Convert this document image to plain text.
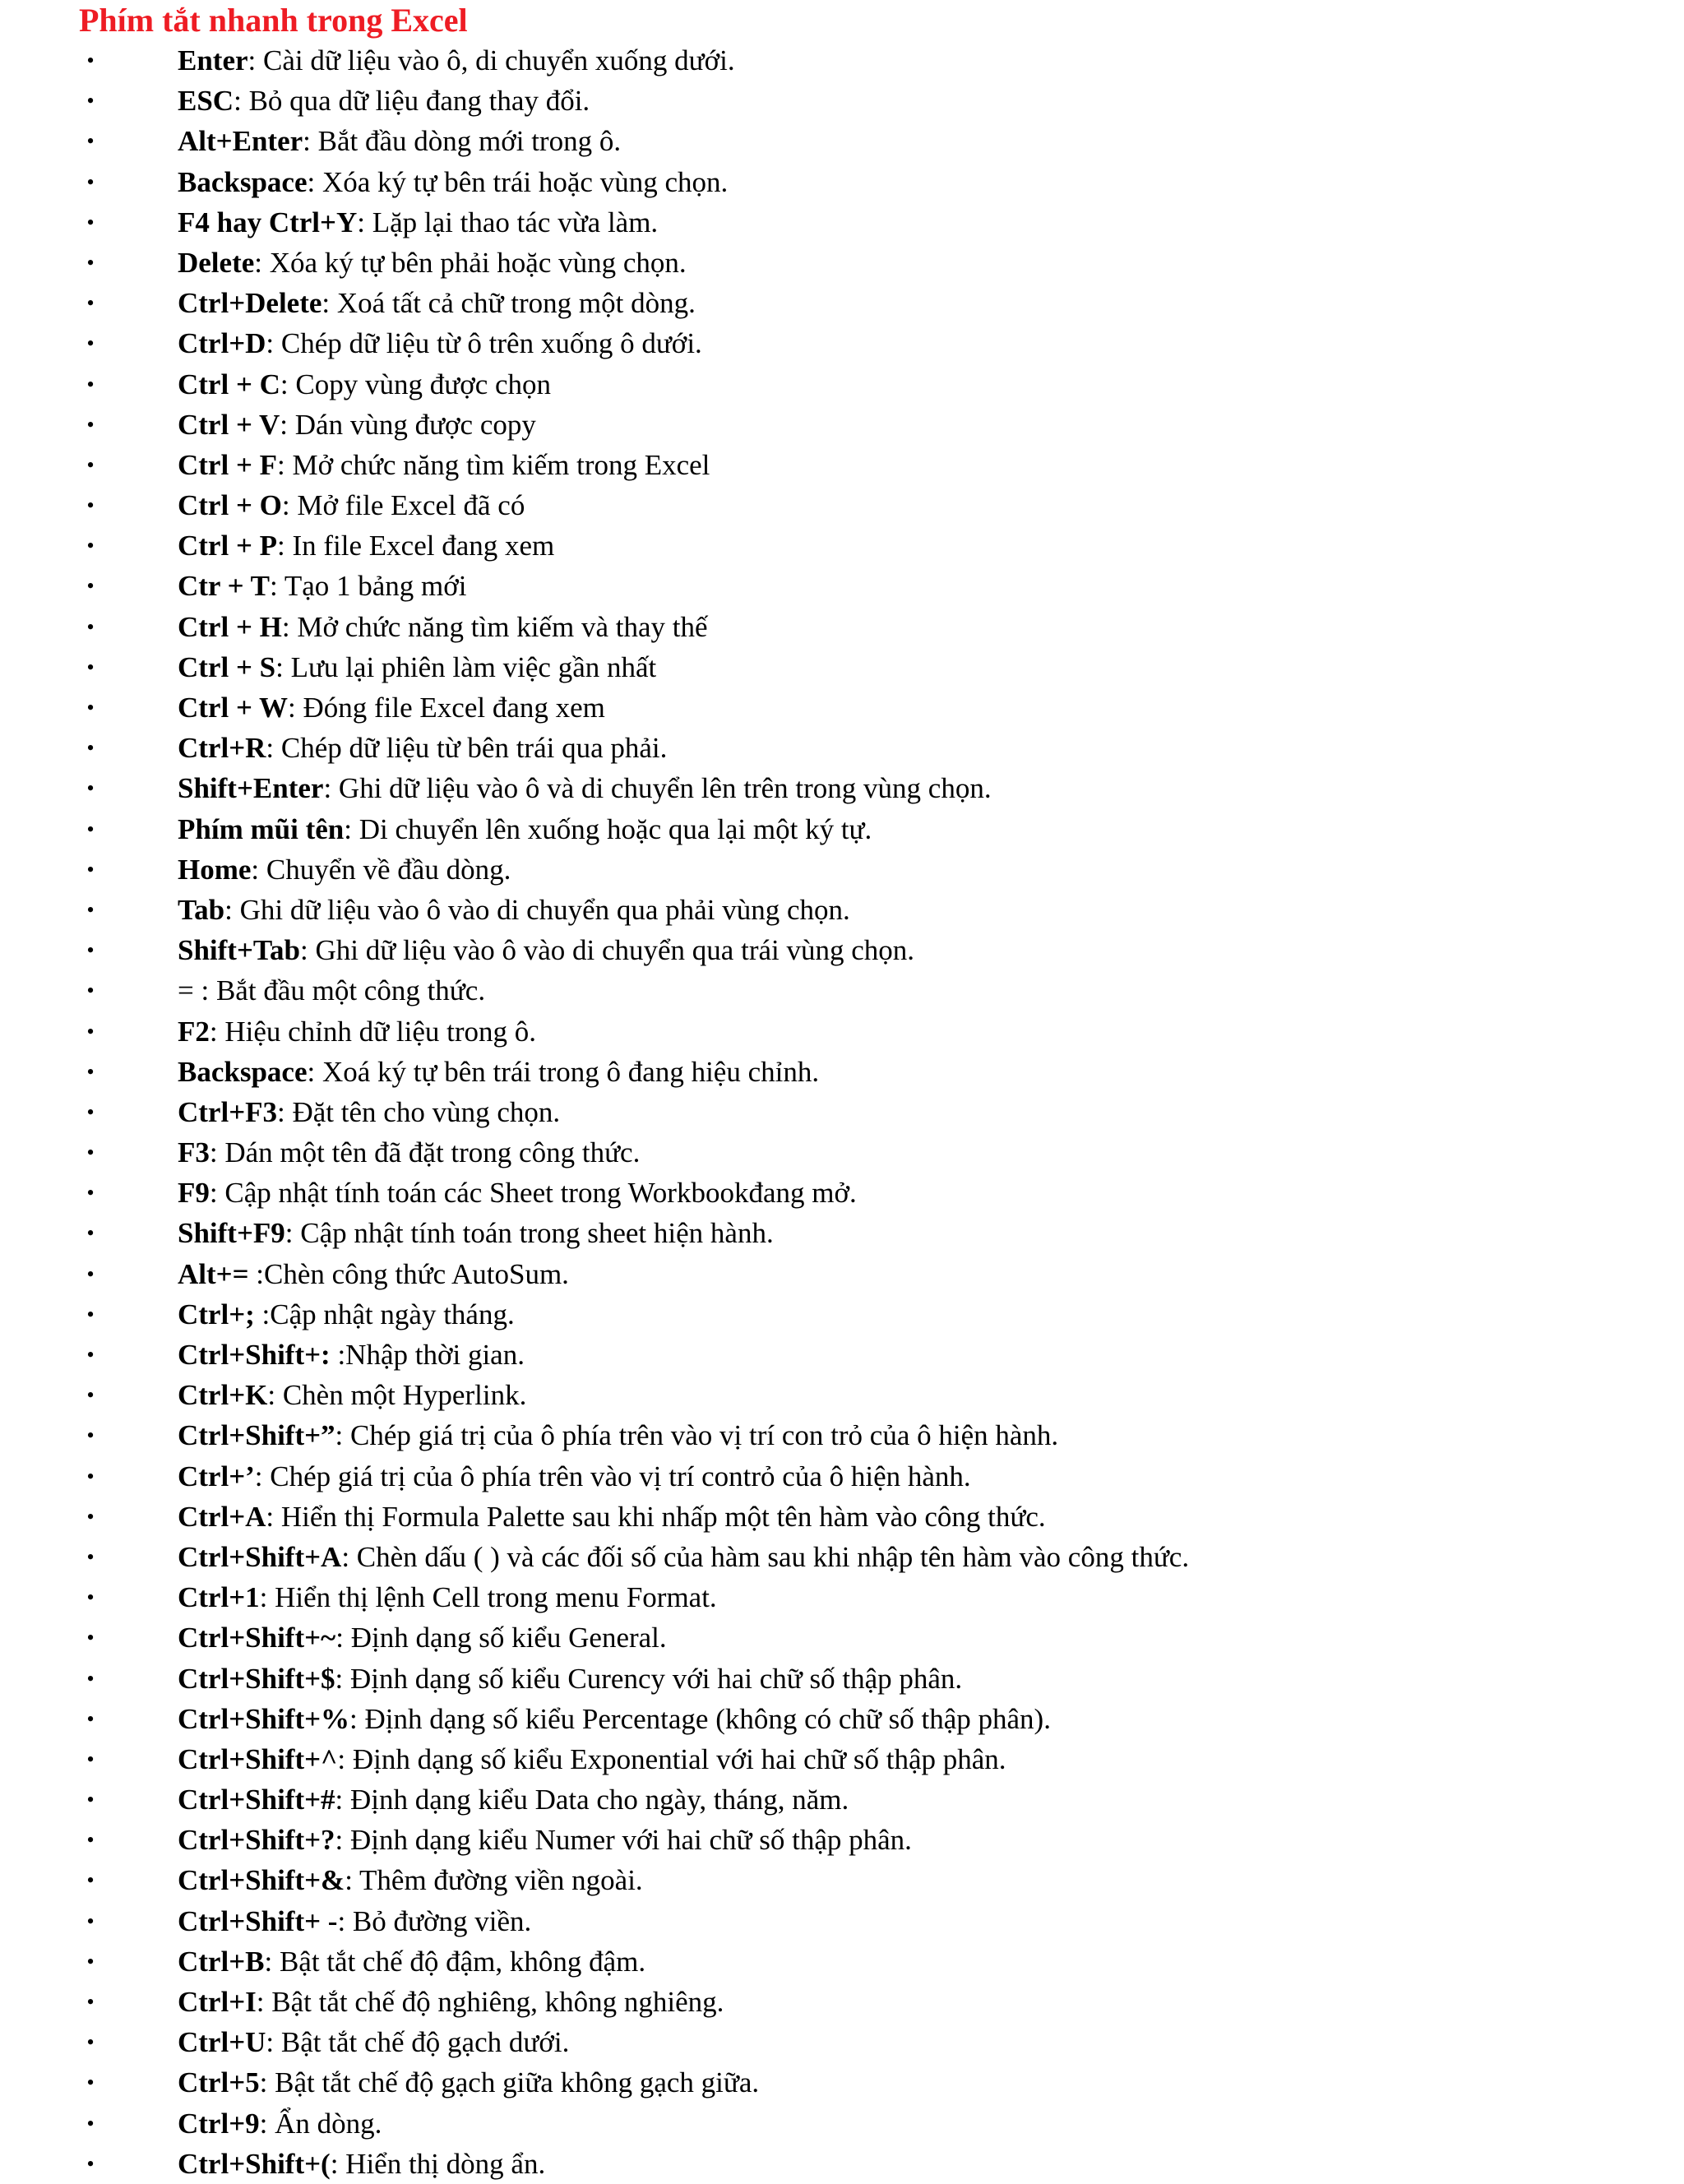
Phím tắt nhanh trong Excel
•	Enter: Cài dữ liệu vào ô, di chuyển xuống dưới.
•	ESC: Bỏ qua dữ liệu đang thay đổi.
•	Alt+Enter: Bắt đầu dòng mới trong ô.
•	Backspace: Xóa ký tự bên trái hoặc vùng chọn.
•	F4 hay Ctrl+Y: Lặp lại thao tác vừa làm.
•	Delete: Xóa ký tự bên phải hoặc vùng chọn.
•	Ctrl+Delete: Xoá tất cả chữ trong một dòng.
•	Ctrl+D: Chép dữ liệu từ ô trên xuống ô dưới.
•	Ctrl + C: Copy vùng được chọn
•	Ctrl + V: Dán vùng được copy
•	Ctrl + F: Mở chức năng tìm kiếm trong Excel
•	Ctrl + O: Mở file Excel đã có
•	Ctrl + P: In file Excel đang xem
•	Ctr + T: Tạo 1 bảng mới
•	Ctrl + H: Mở chức năng tìm kiếm và thay thế
•	Ctrl + S: Lưu lại phiên làm việc gần nhất
•	Ctrl + W: Đóng file Excel đang xem
•	Ctrl+R: Chép dữ liệu từ bên trái qua phải.
•	Shift+Enter: Ghi dữ liệu vào ô và di chuyển lên trên trong vùng chọn.
•	Phím mũi tên: Di chuyển lên xuống hoặc qua lại một ký tự.
•	Home: Chuyển về đầu dòng.
•	Tab: Ghi dữ liệu vào ô vào di chuyển qua phải vùng chọn.
•	Shift+Tab: Ghi dữ liệu vào ô vào di chuyển qua trái vùng chọn.
•	= : Bắt đầu một công thức.
•	F2: Hiệu chỉnh dữ liệu trong ô.
•	Backspace: Xoá ký tự bên trái trong ô đang hiệu chỉnh.
•	Ctrl+F3: Đặt tên cho vùng chọn.
•	F3: Dán một tên đã đặt trong công thức.
•	F9: Cập nhật tính toán các Sheet trong Workbookđang mở.
•	Shift+F9: Cập nhật tính toán trong sheet hiện hành.
•	Alt+= :Chèn công thức AutoSum.
•	Ctrl+; :Cập nhật ngày tháng.
•	Ctrl+Shift+: :Nhập thời gian.
•	Ctrl+K: Chèn một Hyperlink.
•	Ctrl+Shift+”: Chép giá trị của ô phía trên vào vị trí con trỏ của ô hiện hành.
•	Ctrl+’: Chép giá trị của ô phía trên vào vị trí contrỏ của ô hiện hành.
•	Ctrl+A: Hiển thị Formula Palette sau khi nhấp một tên hàm vào công thức.
•	Ctrl+Shift+A: Chèn dấu ( ) và các đối số của hàm sau khi nhập tên hàm vào công thức.
•	Ctrl+1: Hiển thị lệnh Cell trong menu Format.
•	Ctrl+Shift+~: Định dạng số kiểu General.
•	Ctrl+Shift+$: Định dạng số kiểu Curency với hai chữ số thập phân.
•	Ctrl+Shift+%: Định dạng số kiểu Percentage (không có chữ số thập phân).
•	Ctrl+Shift+^: Định dạng số kiểu Exponential với hai chữ số thập phân.
•	Ctrl+Shift+#: Định dạng kiểu Data cho ngày, tháng, năm.
•	Ctrl+Shift+?: Định dạng kiểu Numer với hai chữ số thập phân.
•	Ctrl+Shift+&: Thêm đường viền ngoài.
•	Ctrl+Shift+ -: Bỏ đường viền.
•	Ctrl+B: Bật tắt chế độ đậm, không đậm.
•	Ctrl+I: Bật tắt chế độ nghiêng, không nghiêng.
•	Ctrl+U: Bật tắt chế độ gạch dưới.
•	Ctrl+5: Bật tắt chế độ gạch giữa không gạch giữa.
•	Ctrl+9: Ẩn dòng.
•	Ctrl+Shift+(: Hiển thị dòng ẩn.
